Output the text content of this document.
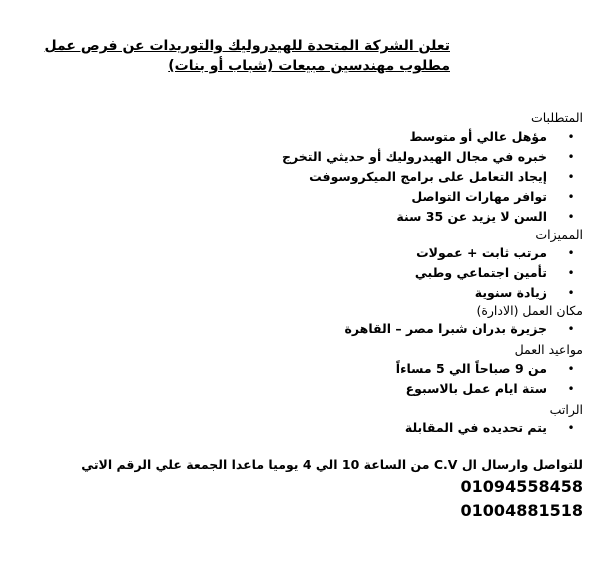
تعلن الشركة المتحدة للهيدروليك والتوريدات عن فرص عمل
مطلوب مهندسين مبيعات (شباب أو بنات)
المتطلبات
•
مؤهل عالي أو متوسط
•
خبره في مجال الهيدروليك أو حديثي التخرج
•
إيجاد التعامل على برامج الميكروسوفت
•
توافر مهارات التواصل
•
السن لا يزيد عن 35 سنة
المميزات
•
مرتب ثابت + عمولات
•
تأمين اجتماعي وطبي
•
زيادة سنوية
مكان العمل (الادارة)
•
جزيرة بدران شبرا مصر – القاهرة
مواعيد العمل
•
من 9 صباحاً الي 5 مساءاً
•
ستة ايام عمل بالاسبوع
الراتب
•
يتم تحديده في المقابلة
للتواصل وارسال ال C.V من الساعة 10 الي 4 يوميا ماعدا الجمعة علي الرقم الاتي
01094558458
01004881518
